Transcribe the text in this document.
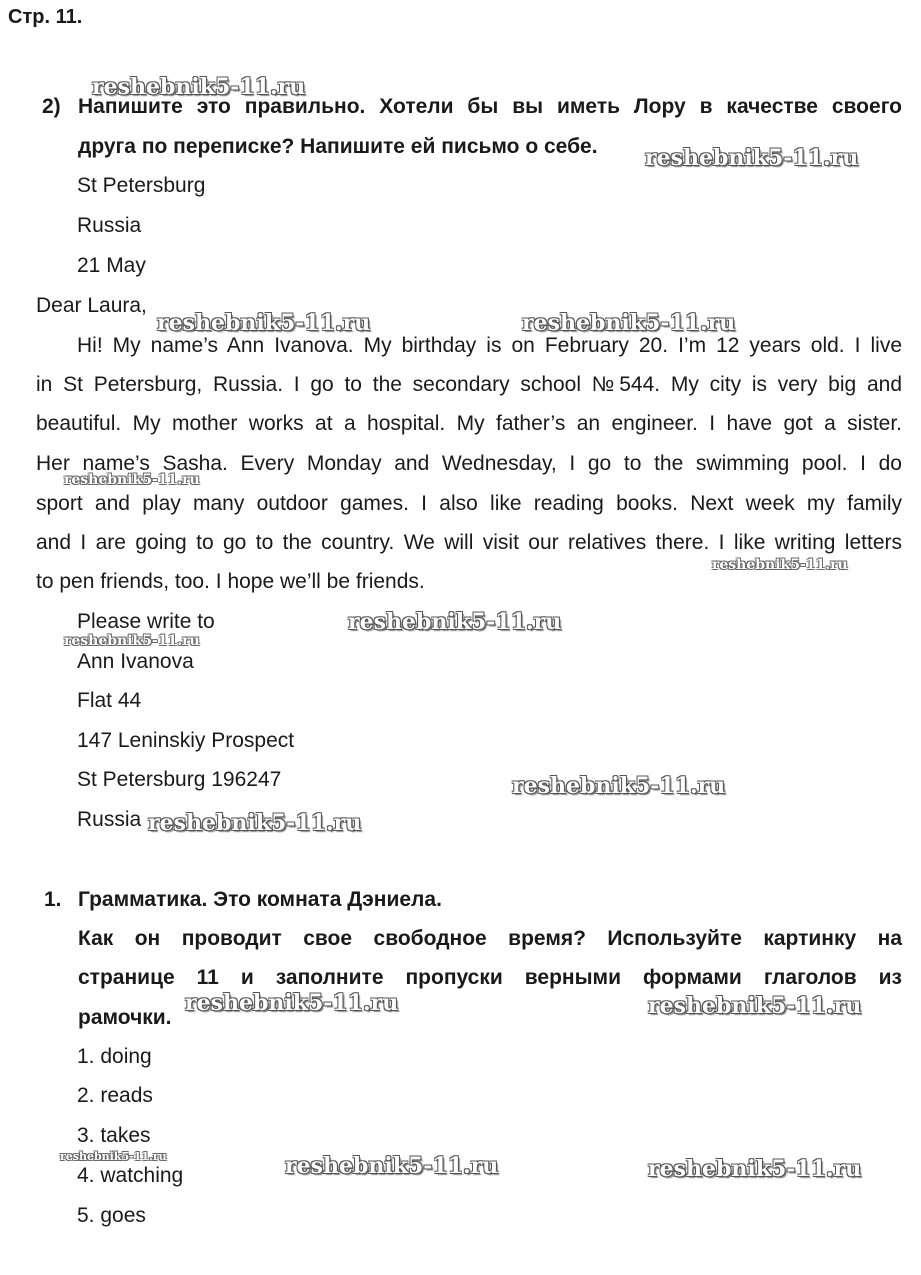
Стр. 11.
2) Напишите это правильно. Хотели бы вы иметь Лору в качестве своего
друга по переписке? Напишите ей письмо о себе.
St Petersburg
Russia
21 May
Dear Laura,
Hi! My name’s Ann Ivanova. My birthday is on February 20. I’m 12 years old. I live
in St Petersburg, Russia. I go to the secondary school №544. My city is very big and
beautiful. My mother works at a hospital. My father’s an engineer. I have got a sister.
Her name’s Sasha. Every Monday and Wednesday, I go to the swimming pool. I do
sport and play many outdoor games. I also like reading books. Next week my family
and I are going to go to the country. We will visit our relatives there. I like writing letters
to pen friends, too. I hope we’ll be friends.
Please write to
Ann Ivanova
Flat 44
147 Leninskiy Prospect
St Petersburg 196247
Russia
1. Грамматика. Это комната Дэниела.
Как он проводит свое свободное время? Используйте картинку на
странице 11 и заполните пропуски верными формами глаголов из
рамочки.
1. doing
2. reads
3. takes
4. watching
5. goes
reshebnik5-11.ru
reshebnik5-11.ru
reshebnik5-11.ru	reshebnik5-11.ru
reshebnik5-11.ru
reshebnik5-11.ru
reshebnik5-11.ru
reshebnik5-11.ru
reshebnik5-11.ru
reshebnik5-11.ru
reshebnik5-11.ru	reshebnik5-11.ru
reshebnik5-11.ru	reshebnik5-11.ru	reshebnik5-11.ru
